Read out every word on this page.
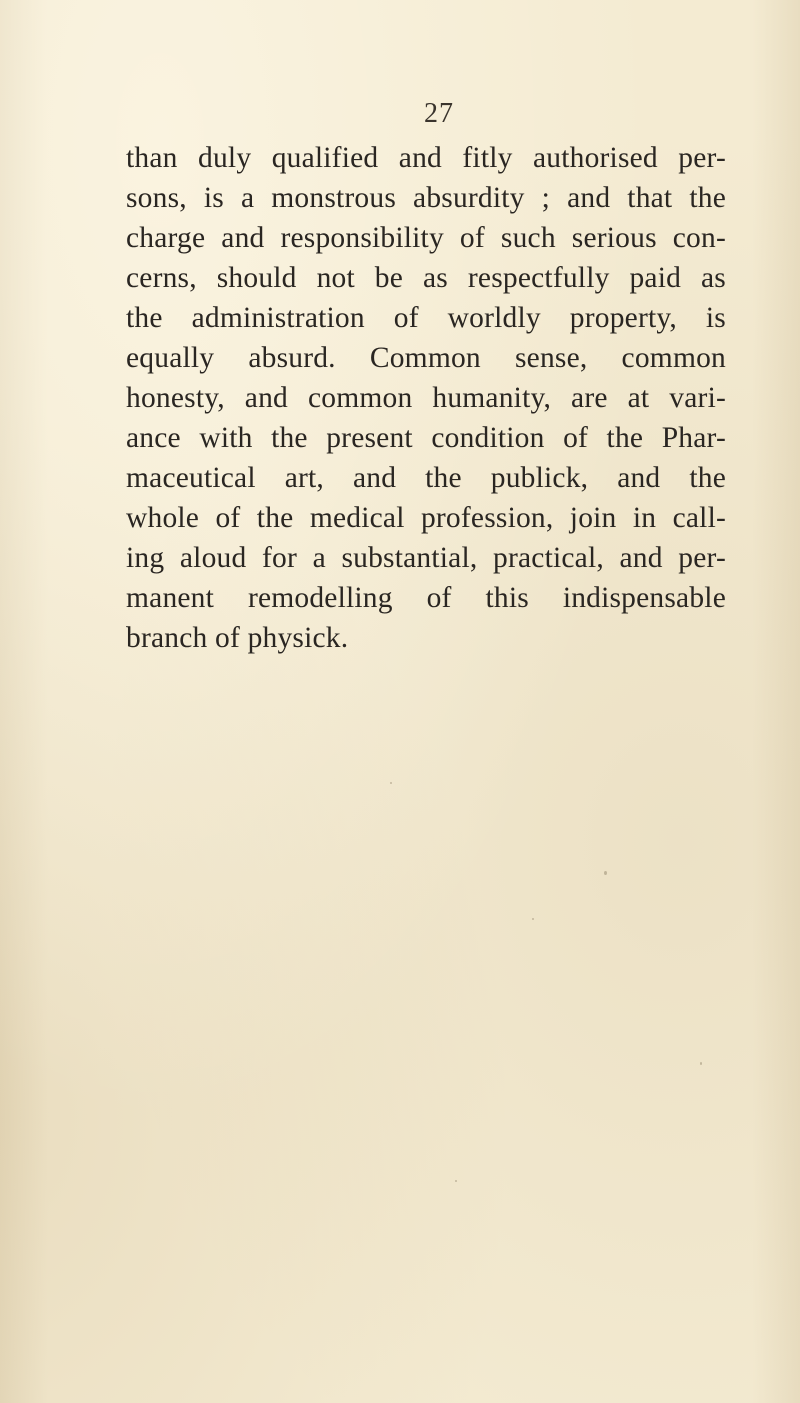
27
than duly qualified and fitly authorised per-
sons, is a monstrous absurdity ; and that the
charge and responsibility of such serious con-
cerns, should not be as respectfully paid as
the administration of worldly property, is
equally absurd. Common sense, common
honesty, and common humanity, are at vari-
ance with the present condition of the Phar-
maceutical art, and the publick, and the
whole of the medical profession, join in call-
ing aloud for a substantial, practical, and per-
manent remodelling of this indispensable
branch of physick.
